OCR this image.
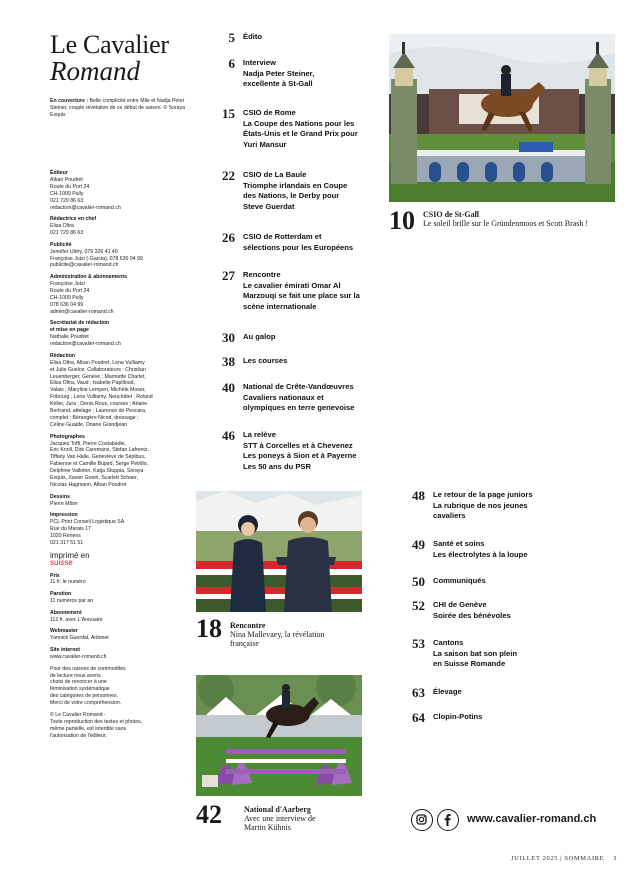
Le Cavalier
Romand
En couverture : Belle complicité entre Mile et Nadja Peter Steiner, couple révélation de ce début de saison. © Soraya Exquis
Éditeur
Alban Poudret
Route du Port 24
CH-1009 Pully
021 729 86 63
redaction@cavalier-romand.ch
Rédactrice en chef
Elisa Oltra
021 729 86 63
Publicité
Jennifer Uldry, 079 326 41 40
Françoise Jutzi (-Garcia), 078 636 04 99
publicite@cavalier-romand.ch
Administration & abonnements
Françoise Jutzi
Route du Port 24
CH-1009 Pully
078 636 04 99
admin@cavalier-romand.ch
Secrétariat de rédaction
et mise en page
Nathalie Poudret
redaction@cavalier-romand.ch
Rédaction
Elisa Oltra, Alban Poudret, Lena Vulliamy
et Julie Gueloz. Collaborateurs : Christian
Leuenberger, Genève ; Marinette Charlet,
Elisa Oltra, Vaud ; Isabelle Papilloud,
Valais ; Maryline Lempen, Michèle Moser,
Fribourg ; Lena Vulliamy, Neuchâtel ; Roland
Keller, Jura ; Denis Roux, courses ; Ariane
Bertrand, attelage ; Laurence de Pescara,
complet ; Bérangère Nicod, dressage ;
Céline Guaide, Oriane Grandjean
Photographes
Jacques Toffi, Pierre Costabadie,
Eric Knoll, Dirk Caremans, Stefan Lafrentz,
Tiffany Van Halle, Geneviève de Sépibus,
Fabienne et Camille Bujard, Serge Petrillo,
Delphine Valloton, Katja Stuppia, Soraya
Exquis, Xavier Gonin, Scarlett Schaer,
Nicolas Hagmann, Alban Poudret
Dessins
Pierre Milon
Impression
PCL Print Conseil Logistique SA
Rue du Marais 17
1020 Renens
021 317 51 51
imprimé en
suisse
Prix
11 fr. le numéro
Parution
11 numéros par an
Abonnement
112 fr. avec L'Annuaire
Webmaster
Yannick Guerdat, Artionet
Site internet
www.cavalier-romand.ch
Pour des raisons de commodités
de lecture nous avons
choisi de renoncer à une
féminisation systématique
des catégories de personnes.
Merci de votre compréhension.
© Le Cavalier Romand -
Toute reproduction des textes et photos,
même partielle, est interdite sans
l'autorisation de l'éditeur.
5 Édito
6 Interview
Nadja Peter Steiner,
excellente à St-Gall
15 CSIO de Rome
La Coupe des Nations pour les
États-Unis et le Grand Prix pour
Yuri Mansur
22 CSIO de La Baule
Triomphe irlandais en Coupe
des Nations, le Derby pour
Steve Guerdat
26 CSIO de Rotterdam et
sélections pour les Européens
27 Rencontre
Le cavalier émirati Omar Al
Marzouqi se fait une place sur la
scène internationale
30 Au galop
38 Les courses
40 National de Crête-Vandœuvres
Cavaliers nationaux et
olympiques en terre genevoise
46 La relève
STT à Corcelles et à Chevenez
Les poneys à Sion et à Payerne
Les 50 ans du PSR
48 Le retour de la page juniors
La rubrique de nos jeunes
cavaliers
49 Santé et soins
Les électrolytes à la loupe
50 Communiqués
52 CHI de Genève
Soirée des bénévoles
53 Cantons
La saison bat son plein
en Suisse Romande
63 Élevage
64 Clopin-Potins
10 CSIO de St-Gall
Le soleil brille sur le Gründenmoos et Scott Brash !
18 Rencontre
Nina Mallevaey, la révélation
française
42	National d'Aarberg
Avec une interview de
Martin Kühnis
www.cavalier-romand.ch
JUILLET 2025 | SOMMAIRE 3
